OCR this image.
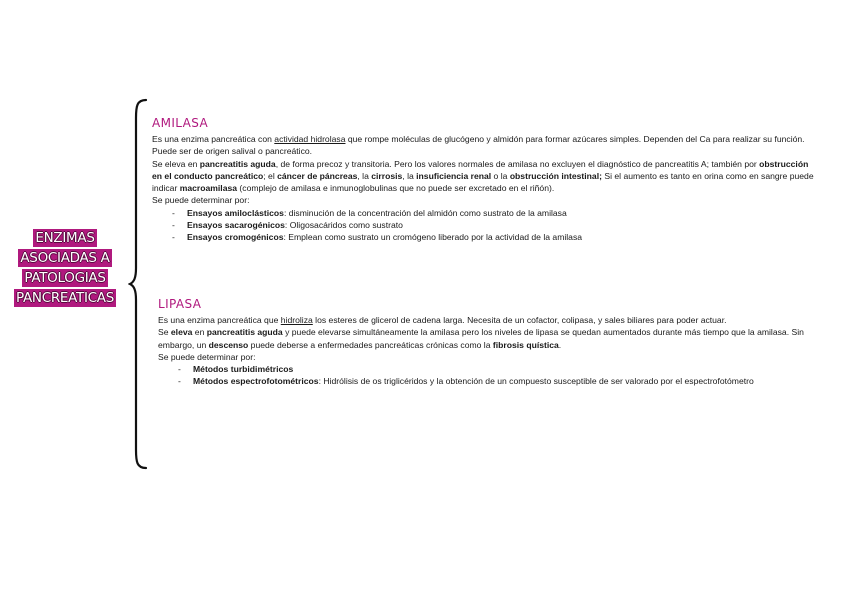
ENZIMAS
ASOCIADAS A
PATOLOGIAS
PANCREATICAS
AMILASA

Es una enzima pancreática con actividad hidrolasa que rompe moléculas de glucógeno y almidón para formar azúcares simples. Dependen del Ca para realizar su función. Puede ser de origen salival o pancreático.

Se eleva en pancreatitis aguda, de forma precoz y transitoria. Pero los valores normales de amilasa no excluyen el diagnóstico de pancreatitis A; también por obstrucción en el conducto pancreático; el cáncer de páncreas, la cirrosis, la insuficiencia renal o la obstrucción intestinal; Si el aumento es tanto en orina como en sangre puede indicar macroamilasa (complejo de amilasa e inmunoglobulinas que no puede ser excretado en el riñón).

Se puede determinar por:

- Ensayos amiloclásticos: disminución de la concentración del almidón como sustrato de la amilasa
- Ensayos sacarogénicos: Oligosacáridos como sustrato
- Ensayos cromogénicos: Emplean como sustrato un cromógeno liberado por la actividad de la amilasa
LIPASA

Es una enzima pancreática que hidroliza los esteres de glicerol de cadena larga. Necesita de un cofactor, colipasa, y sales biliares para poder actuar.

Se eleva en pancreatitis aguda y puede elevarse simultáneamente la amilasa pero los niveles de lipasa se quedan aumentados durante más tiempo que la amilasa. Sin embargo, un descenso puede deberse a enfermedades pancreáticas crónicas como la fibrosis quística.

Se puede determinar por:

- Métodos turbidimétricos
- Métodos espectrofotométricos: Hidrólisis de os triglicéridos y la obtención de un compuesto susceptible de ser valorado por el espectrofotómetro
